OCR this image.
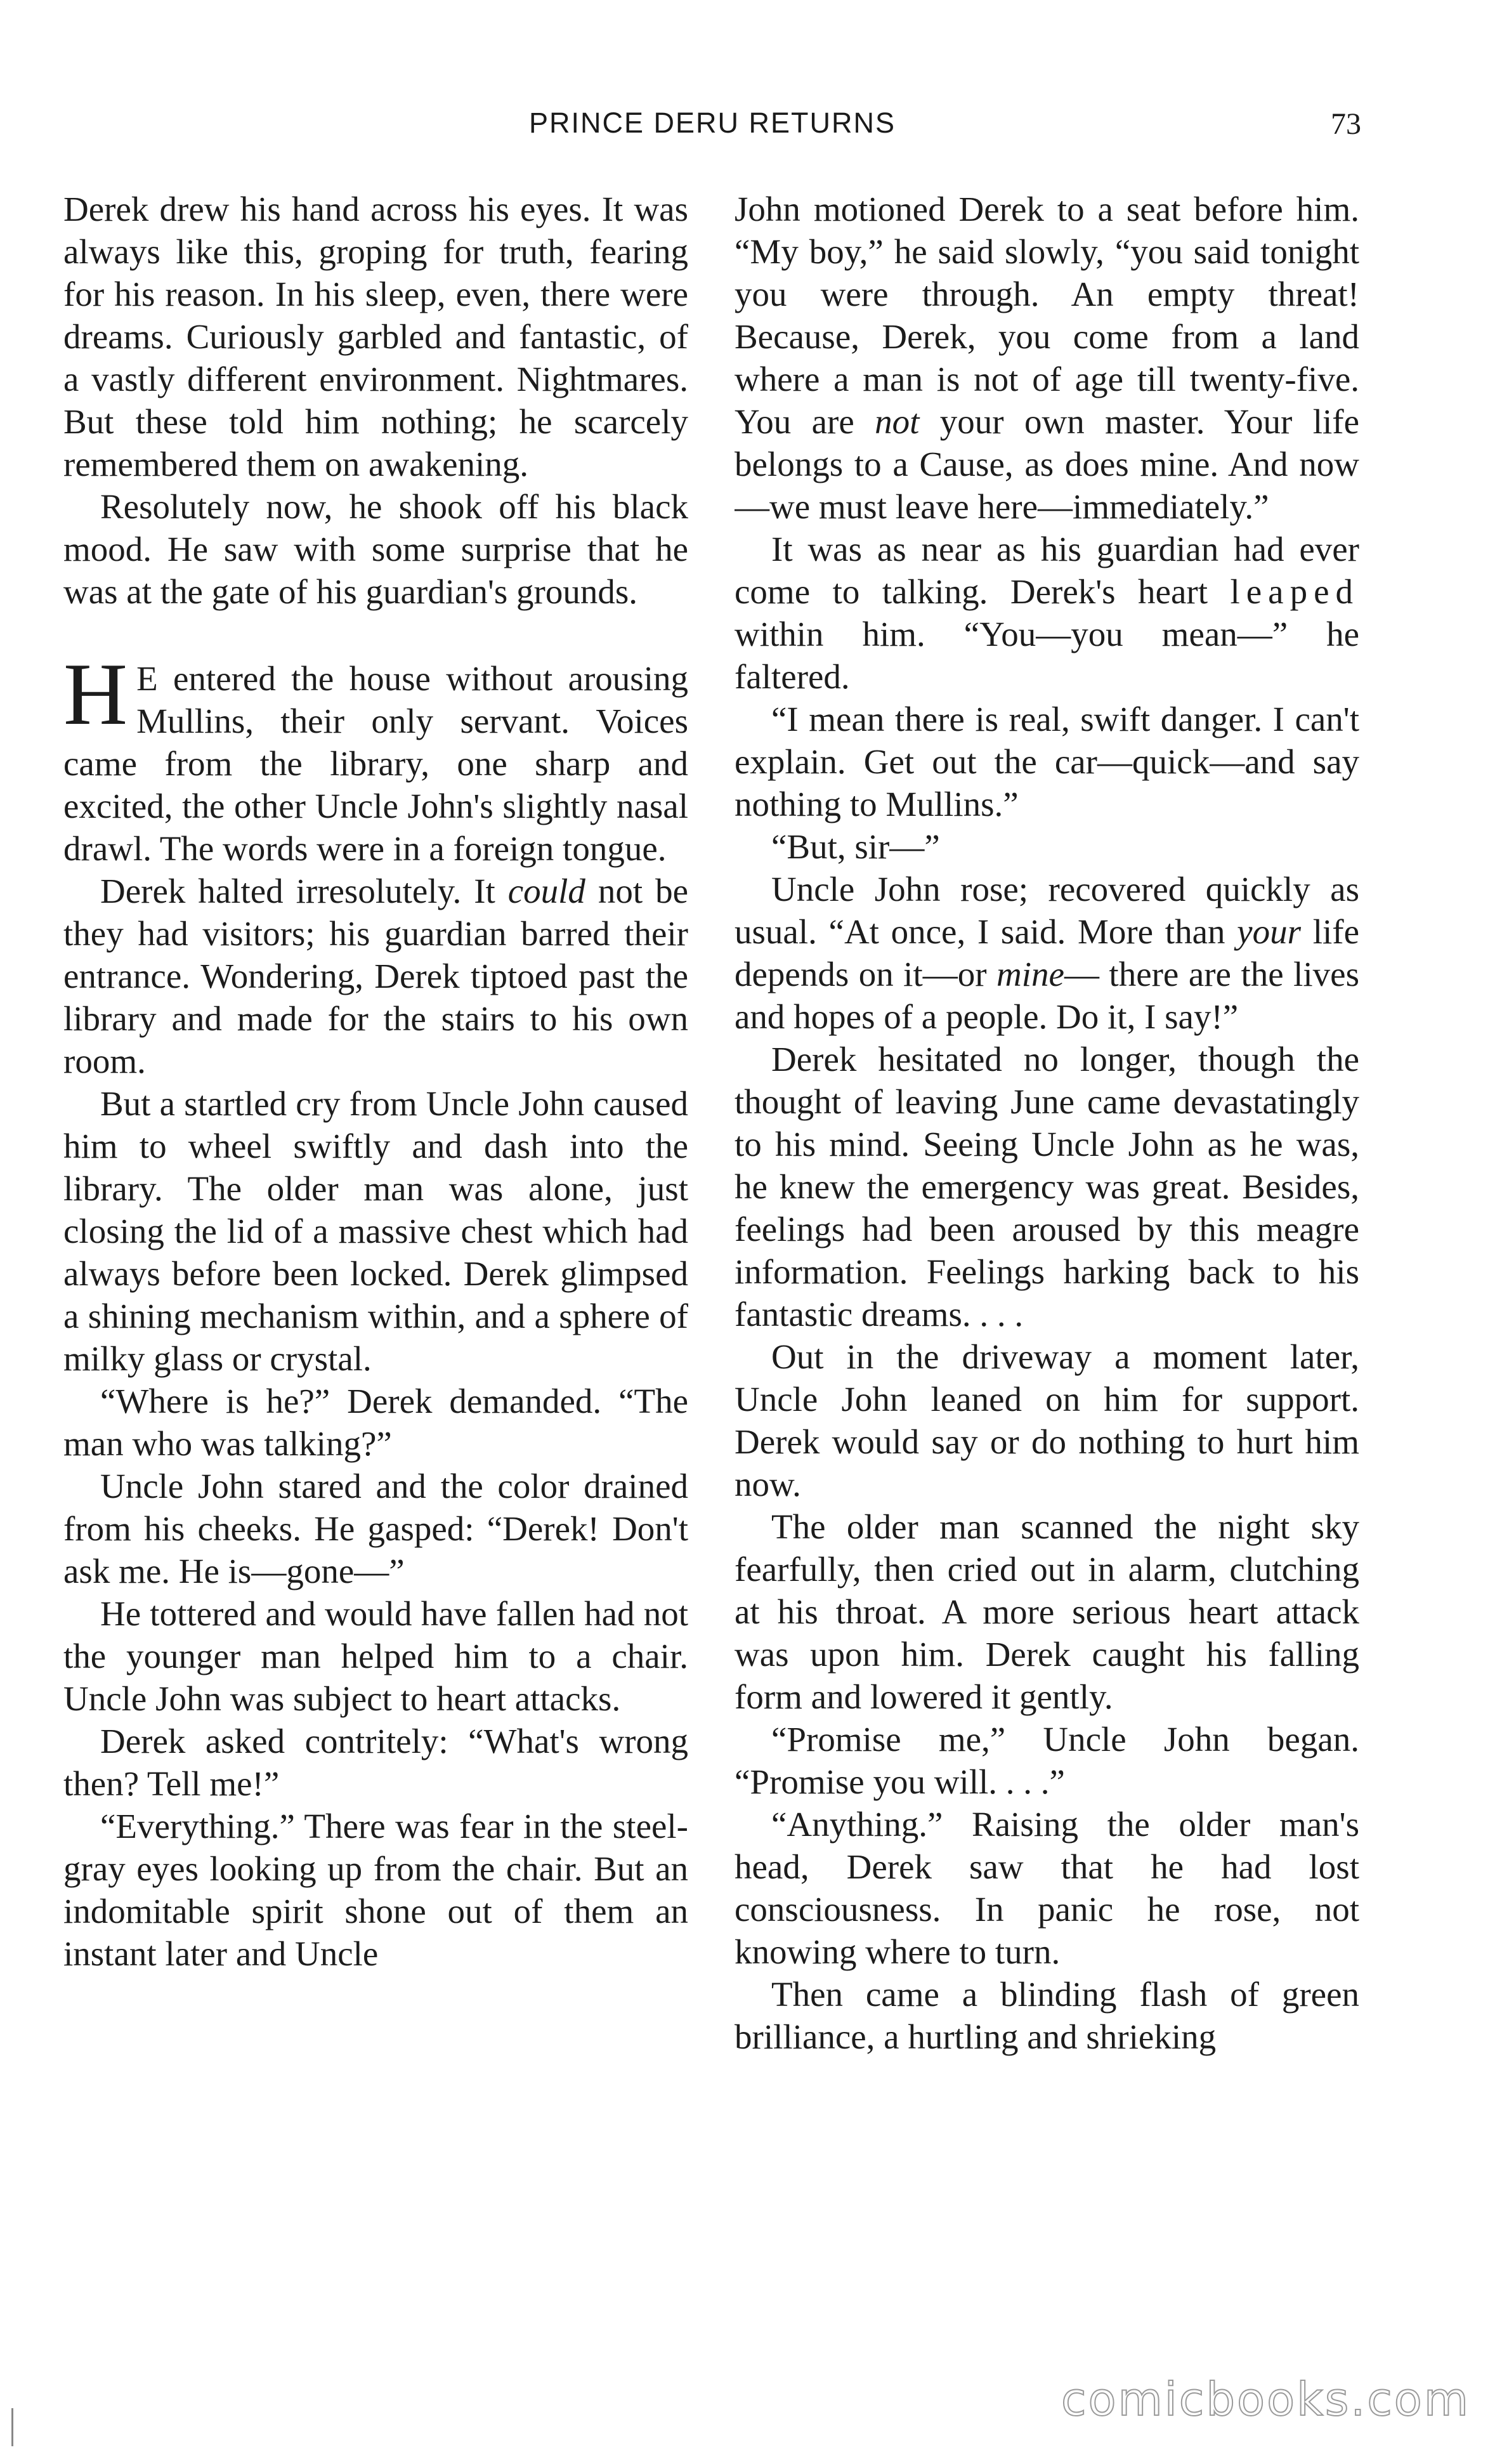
PRINCE DERU RETURNS	73

Derek drew his hand across his eyes. It was always like this, groping for truth, fearing for his reason. In his sleep, even, there were dreams. Curiously garbled and fantastic, of a vastly different environment. Nightmares. But these told him nothing; he scarcely remembered them on awakening.

Resolutely now, he shook off his black mood. He saw with some surprise that he was at the gate of his guardian's grounds.

H E entered the house without arousing Mullins, their only servant. Voices came from the library, one sharp and excited, the other Uncle John's slightly nasal drawl. The words were in a foreign tongue.

Derek halted irresolutely. It could not be they had visitors; his guardian barred their entrance. Wondering, Derek tiptoed past the library and made for the stairs to his own room.

But a startled cry from Uncle John caused him to wheel swiftly and dash into the library. The older man was alone, just closing the lid of a massive chest which had always before been locked. Derek glimpsed a shining mechanism within, and a sphere of milky glass or crystal.

“Where is he?” Derek demanded. “The man who was talking?”

Uncle John stared and the color drained from his cheeks. He gasped: “Derek! Don't ask me. He is—gone—”

He tottered and would have fallen had not the younger man helped him to a chair. Uncle John was subject to heart attacks.

Derek asked contritely: “What's wrong then? Tell me!”

“Everything.” There was fear in the steel-gray eyes looking up from the chair. But an indomitable spirit shone out of them an instant later and Uncle

John motioned Derek to a seat before him. “My boy,” he said slowly, “you said tonight you were through. An empty threat! Because, Derek, you come from a land where a man is not of age till twenty-five. You are not your own master. Your life belongs to a Cause, as does mine. And now—we must leave here—immediately.”

It was as near as his guardian had ever come to talking. Derek's heart leaped within him. “You—you mean—” he faltered.

“I mean there is real, swift danger. I can't explain. Get out the car—quick—and say nothing to Mullins.”

“But, sir—”

Uncle John rose; recovered quickly as usual. “At once, I said. More than your life depends on it—or mine— there are the lives and hopes of a people. Do it, I say!”

Derek hesitated no longer, though the thought of leaving June came devastatingly to his mind. Seeing Uncle John as he was, he knew the emergency was great. Besides, feelings had been aroused by this meagre information. Feelings harking back to his fantastic dreams. . . .

Out in the driveway a moment later, Uncle John leaned on him for support. Derek would say or do nothing to hurt him now.

The older man scanned the night sky fearfully, then cried out in alarm, clutching at his throat. A more serious heart attack was upon him. Derek caught his falling form and lowered it gently.

“Promise me,” Uncle John began. “Promise you will. . . .”

“Anything.” Raising the older man's head, Derek saw that he had lost consciousness. In panic he rose, not knowing where to turn.

Then came a blinding flash of green brilliance, a hurtling and shrieking

comicbooks.com
